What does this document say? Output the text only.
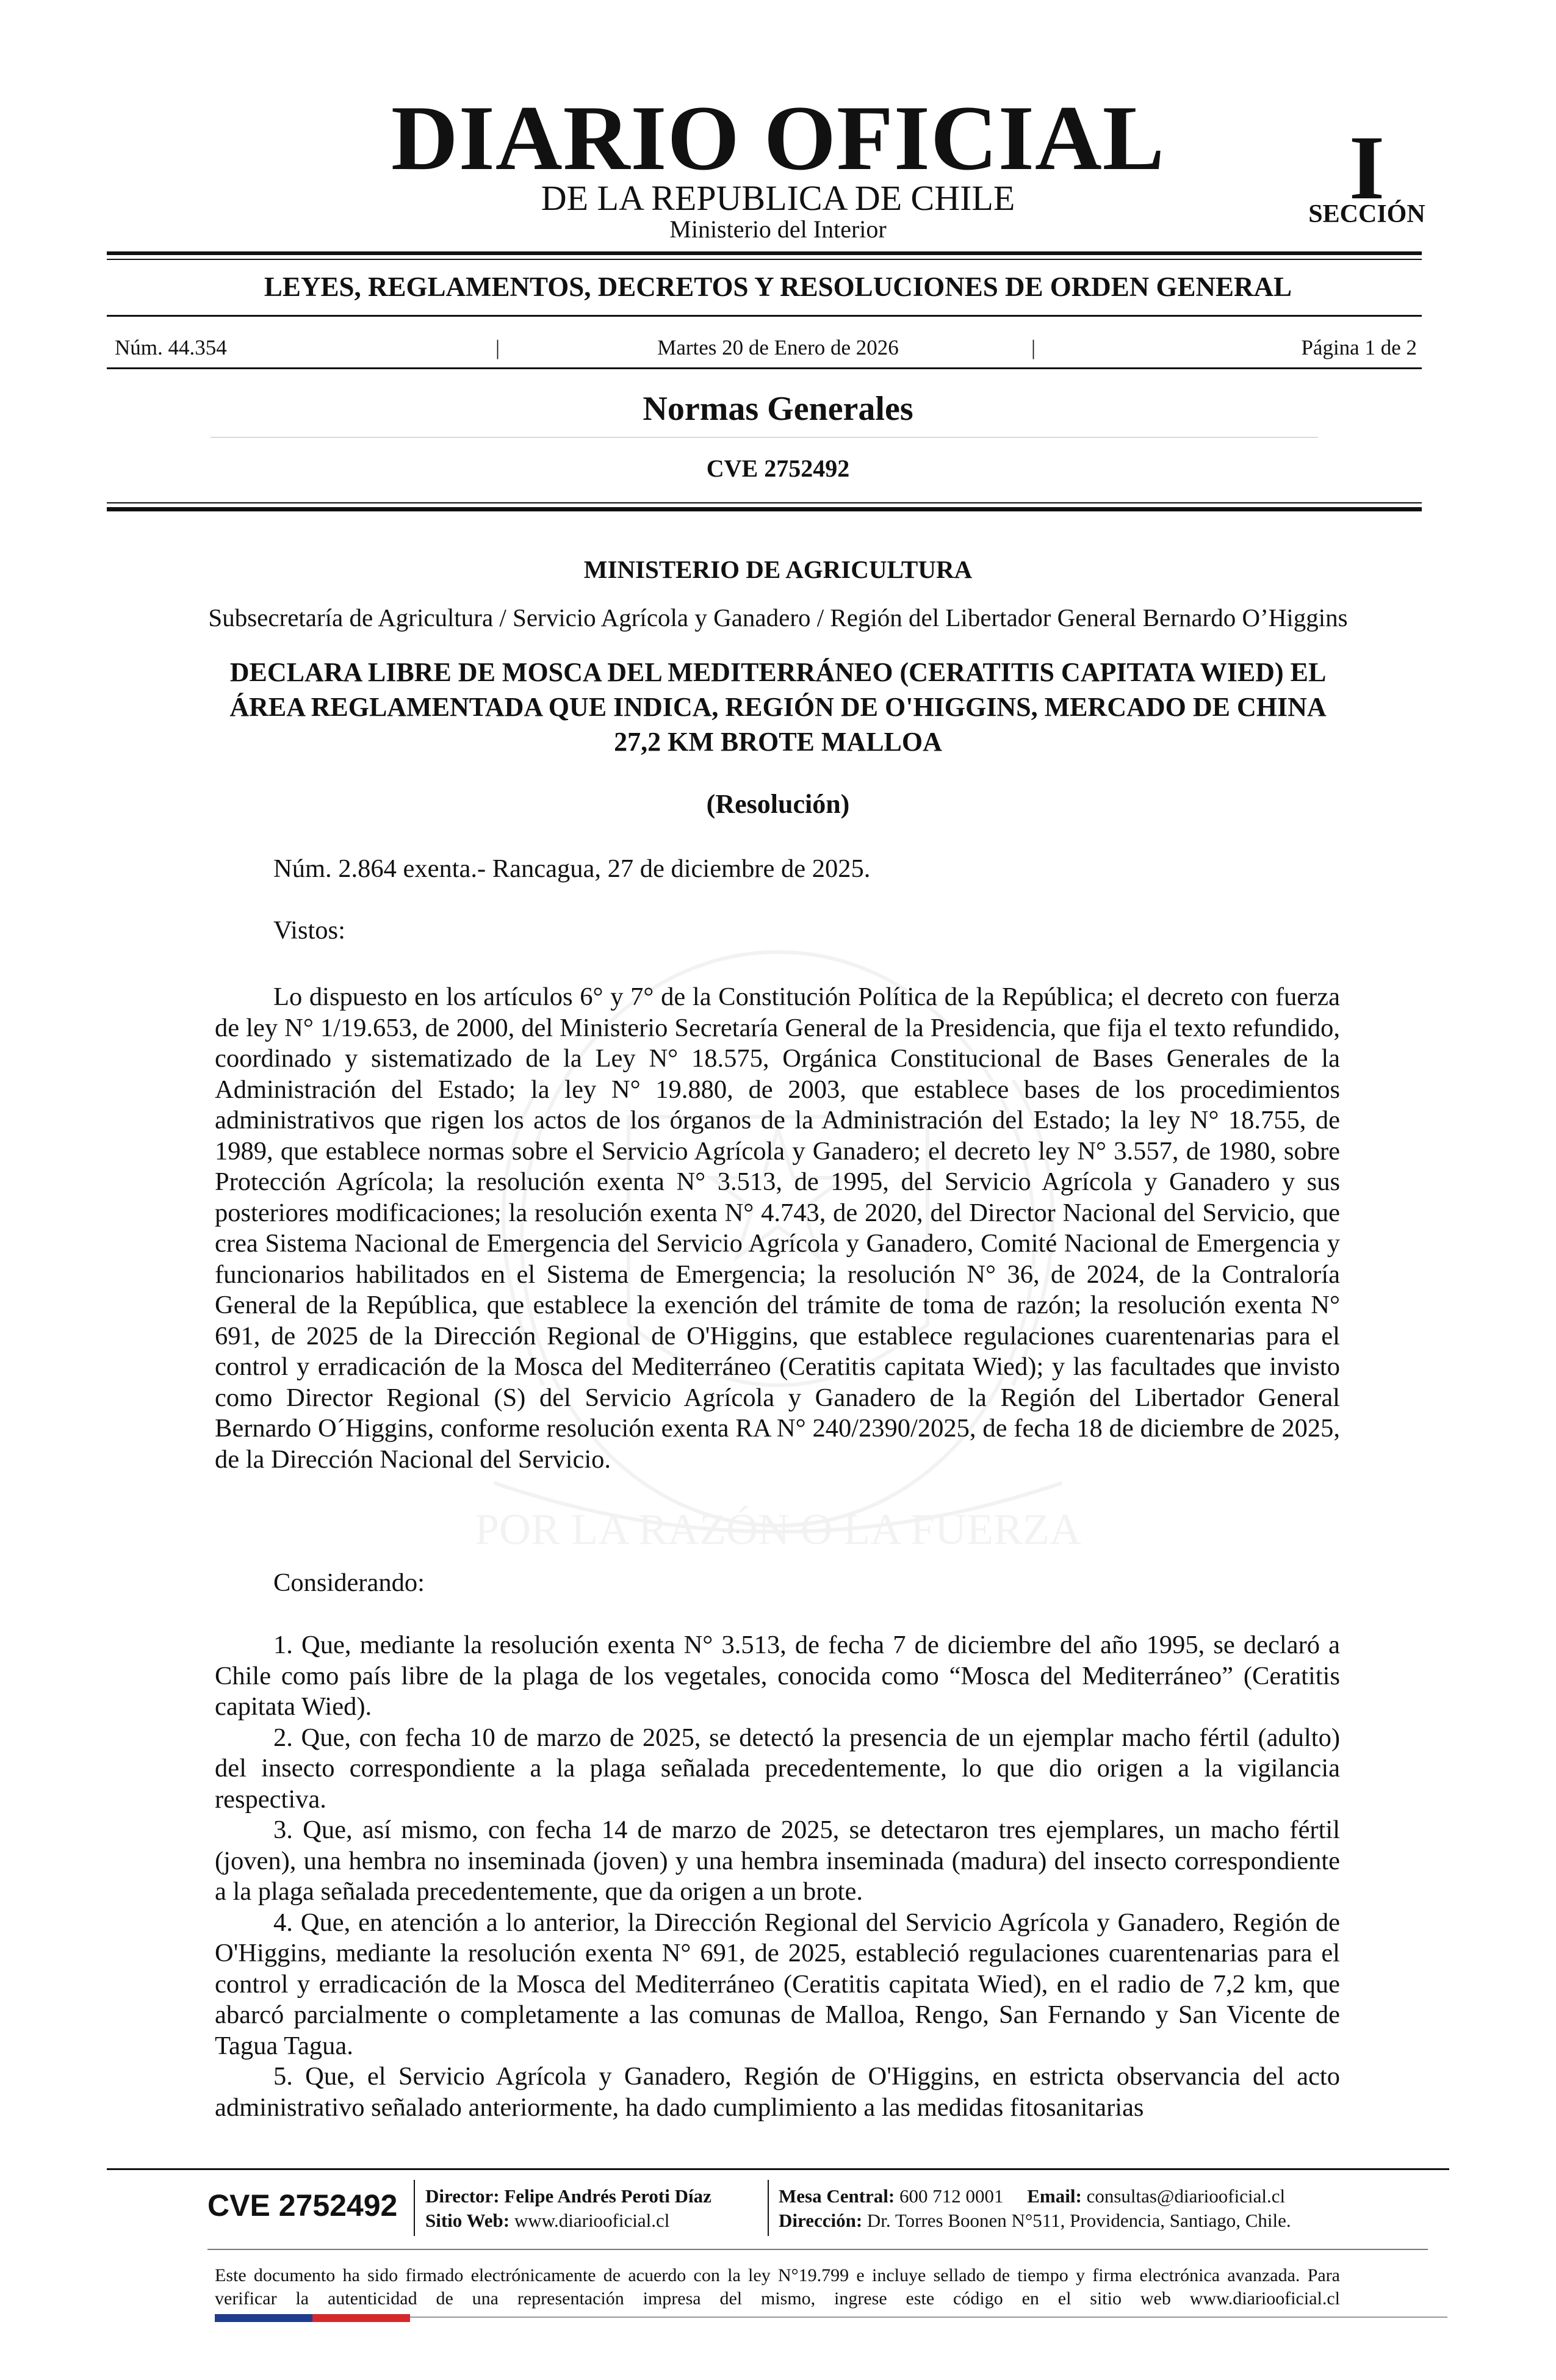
DIARIO OFICIAL
DE LA REPUBLICA DE CHILE
Ministerio del Interior
I
SECCIÓN
LEYES, REGLAMENTOS, DECRETOS Y RESOLUCIONES DE ORDEN GENERAL
Núm. 44.354	|	Martes 20 de Enero de 2026	|	Página 1 de 2
Normas Generales
CVE 2752492
POR LA RAZÓN O LA FUERZA
MINISTERIO DE AGRICULTURA
Subsecretaría de Agricultura / Servicio Agrícola y Ganadero / Región del Libertador General Bernardo O’Higgins
DECLARA LIBRE DE MOSCA DEL MEDITERRÁNEO (CERATITIS CAPITATA WIED) EL ÁREA REGLAMENTADA QUE INDICA, REGIÓN DE O'HIGGINS, MERCADO DE CHINA 27,2 KM BROTE MALLOA
(Resolución)
Núm. 2.864 exenta.- Rancagua, 27 de diciembre de 2025.
Vistos:

Lo dispuesto en los artículos 6° y 7° de la Constitución Política de la República; el decreto con fuerza de ley N° 1/19.653, de 2000, del Ministerio Secretaría General de la Presidencia, que fija el texto refundido, coordinado y sistematizado de la Ley N° 18.575, Orgánica Constitucional de Bases Generales de la Administración del Estado; la ley N° 19.880, de 2003, que establece bases de los procedimientos administrativos que rigen los actos de los órganos de la Administración del Estado; la ley N° 18.755, de 1989, que establece normas sobre el Servicio Agrícola y Ganadero; el decreto ley N° 3.557, de 1980, sobre Protección Agrícola; la resolución exenta N° 3.513, de 1995, del Servicio Agrícola y Ganadero y sus posteriores modificaciones; la resolución exenta N° 4.743, de 2020, del Director Nacional del Servicio, que crea Sistema Nacional de Emergencia del Servicio Agrícola y Ganadero, Comité Nacional de Emergencia y funcionarios habilitados en el Sistema de Emergencia; la resolución N° 36, de 2024, de la Contraloría General de la República, que establece la exención del trámite de toma de razón; la resolución exenta N° 691, de 2025 de la Dirección Regional de O'Higgins, que establece regulaciones cuarentenarias para el control y erradicación de la Mosca del Mediterráneo (Ceratitis capitata Wied); y las facultades que invisto como Director Regional (S) del Servicio Agrícola y Ganadero de la Región del Libertador General Bernardo O´Higgins, conforme resolución exenta RA N° 240/2390/2025, de fecha 18 de diciembre de 2025, de la Dirección Nacional del Servicio.

Considerando:

1. Que, mediante la resolución exenta N° 3.513, de fecha 7 de diciembre del año 1995, se declaró a Chile como país libre de la plaga de los vegetales, conocida como “Mosca del Mediterráneo” (Ceratitis capitata Wied).

2. Que, con fecha 10 de marzo de 2025, se detectó la presencia de un ejemplar macho fértil (adulto) del insecto correspondiente a la plaga señalada precedentemente, lo que dio origen a la vigilancia respectiva.

3. Que, así mismo, con fecha 14 de marzo de 2025, se detectaron tres ejemplares, un macho fértil (joven), una hembra no inseminada (joven) y una hembra inseminada (madura) del insecto correspondiente a la plaga señalada precedentemente, que da origen a un brote.

4. Que, en atención a lo anterior, la Dirección Regional del Servicio Agrícola y Ganadero, Región de O'Higgins, mediante la resolución exenta N° 691, de 2025, estableció regulaciones cuarentenarias para el control y erradicación de la Mosca del Mediterráneo (Ceratitis capitata Wied), en el radio de 7,2 km, que abarcó parcialmente o completamente a las comunas de Malloa, Rengo, San Fernando y San Vicente de Tagua Tagua.

5. Que, el Servicio Agrícola y Ganadero, Región de O'Higgins, en estricta observancia del acto administrativo señalado anteriormente, ha dado cumplimiento a las medidas fitosanitarias

CVE 2752492 Director: Felipe Andrés Peroti Díaz
Sitio Web: www.diariooficial.cl
Mesa Central: 600 712 0001 Email: consultas@diariooficial.cl
Dirección: Dr. Torres Boonen N°511, Providencia, Santiago, Chile.
Este documento ha sido firmado electrónicamente de acuerdo con la ley N°19.799 e incluye sellado de tiempo y firma electrónica avanzada. Para verificar la autenticidad de una representación impresa del mismo, ingrese este código en el sitio web www.diariooficial.cl
